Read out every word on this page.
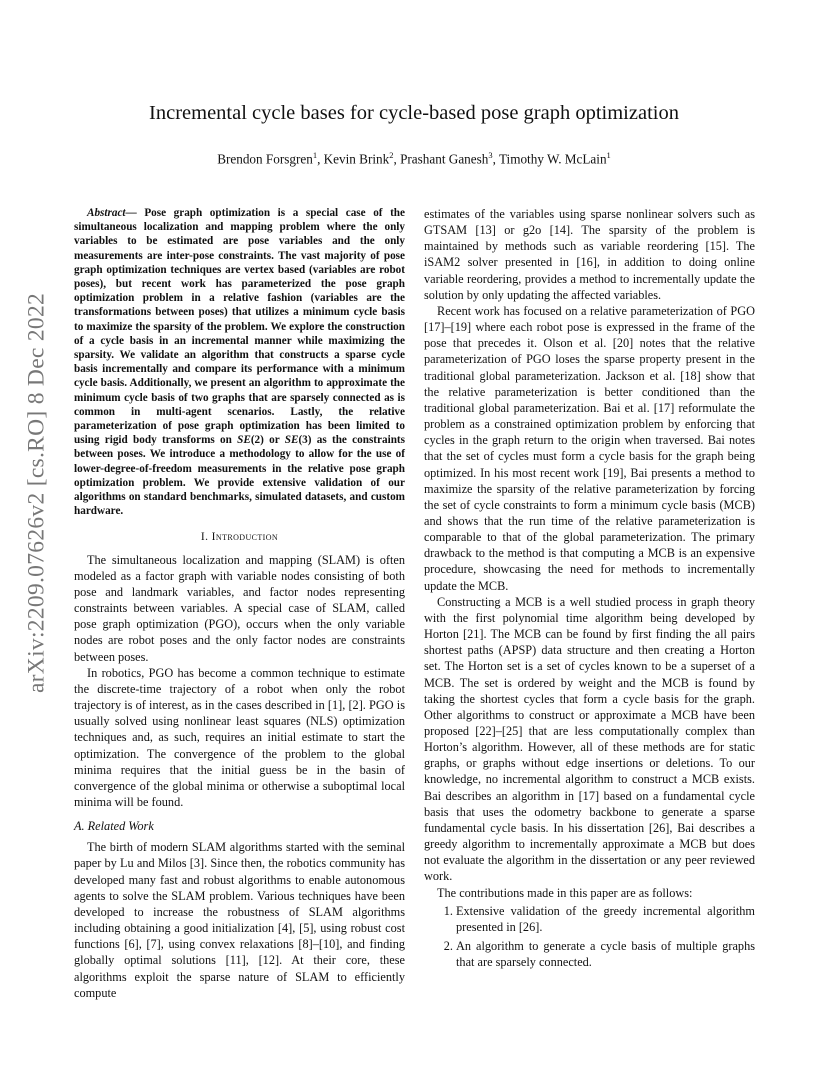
arXiv:2209.07626v2 [cs.RO] 8 Dec 2022
Incremental cycle bases for cycle-based pose graph optimization
Brendon Forsgren$^1$, Kevin Brink$^2$, Prashant Ganesh$^3$, Timothy W. McLain$^1$

Abstract— Pose graph optimization is a special case of the simultaneous localization and mapping problem where the only variables to be estimated are pose variables and the only measurements are inter-pose constraints. The vast majority of pose graph optimization techniques are vertex based (variables are robot poses), but recent work has parameterized the pose graph optimization problem in a relative fashion (variables are the transformations between poses) that utilizes a minimum cycle basis to maximize the sparsity of the problem. We explore the construction of a cycle basis in an incremental manner while maximizing the sparsity. We validate an algorithm that constructs a sparse cycle basis incrementally and compare its performance with a minimum cycle basis. Additionally, we present an algorithm to approximate the minimum cycle basis of two graphs that are sparsely connected as is common in multi-agent scenarios. Lastly, the relative parameterization of pose graph optimization has been limited to using rigid body transforms on SE(2) or SE(3) as the constraints between poses. We introduce a methodology to allow for the use of lower-degree-of-freedom measurements in the relative pose graph optimization problem. We provide extensive validation of our algorithms on standard benchmarks, simulated datasets, and custom hardware.

I. Introduction

The simultaneous localization and mapping (SLAM) is often modeled as a factor graph with variable nodes consisting of both pose and landmark variables, and factor nodes representing constraints between variables. A special case of SLAM, called pose graph optimization (PGO), occurs when the only variable nodes are robot poses and the only factor nodes are constraints between poses.

In robotics, PGO has become a common technique to estimate the discrete-time trajectory of a robot when only the robot trajectory is of interest, as in the cases described in [1], [2]. PGO is usually solved using nonlinear least squares (NLS) optimization techniques and, as such, requires an initial estimate to start the optimization. The convergence of the problem to the global minima requires that the initial guess be in the basin of convergence of the global minima or otherwise a suboptimal local minima will be found.

A. Related Work

The birth of modern SLAM algorithms started with the seminal paper by Lu and Milos [3]. Since then, the robotics community has developed many fast and robust algorithms to enable autonomous agents to solve the SLAM problem. Various techniques have been developed to increase the robustness of SLAM algorithms including obtaining a good initialization [4], [5], using robust cost functions [6], [7], using convex relaxations [8]–[10], and finding globally optimal solutions [11], [12]. At their core, these algorithms exploit the sparse nature of SLAM to efficiently compute

estimates of the variables using sparse nonlinear solvers such as GTSAM [13] or g2o [14]. The sparsity of the problem is maintained by methods such as variable reordering [15]. The iSAM2 solver presented in [16], in addition to doing online variable reordering, provides a method to incrementally update the solution by only updating the affected variables.

Recent work has focused on a relative parameterization of PGO [17]–[19] where each robot pose is expressed in the frame of the pose that precedes it. Olson et al. [20] notes that the relative parameterization of PGO loses the sparse property present in the traditional global parameterization. Jackson et al. [18] show that the relative parameterization is better conditioned than the traditional global parameterization. Bai et al. [17] reformulate the problem as a constrained optimization problem by enforcing that cycles in the graph return to the origin when traversed. Bai notes that the set of cycles must form a cycle basis for the graph being optimized. In his most recent work [19], Bai presents a method to maximize the sparsity of the relative parameterization by forcing the set of cycle constraints to form a minimum cycle basis (MCB) and shows that the run time of the relative parameterization is comparable to that of the global parameterization. The primary drawback to the method is that computing a MCB is an expensive procedure, showcasing the need for methods to incrementally update the MCB.

Constructing a MCB is a well studied process in graph theory with the first polynomial time algorithm being developed by Horton [21]. The MCB can be found by first finding the all pairs shortest paths (APSP) data structure and then creating a Horton set. The Horton set is a set of cycles known to be a superset of a MCB. The set is ordered by weight and the MCB is found by taking the shortest cycles that form a cycle basis for the graph. Other algorithms to construct or approximate a MCB have been proposed [22]–[25] that are less computationally complex than Horton’s algorithm. However, all of these methods are for static graphs, or graphs without edge insertions or deletions. To our knowledge, no incremental algorithm to construct a MCB exists. Bai describes an algorithm in [17] based on a fundamental cycle basis that uses the odometry backbone to generate a sparse fundamental cycle basis. In his dissertation [26], Bai describes a greedy algorithm to incrementally approximate a MCB but does not evaluate the algorithm in the dissertation or any peer reviewed work.

The contributions made in this paper are as follows:

1. Extensive validation of the greedy incremental algorithm presented in [26].
2. An algorithm to generate a cycle basis of multiple graphs that are sparsely connected.
